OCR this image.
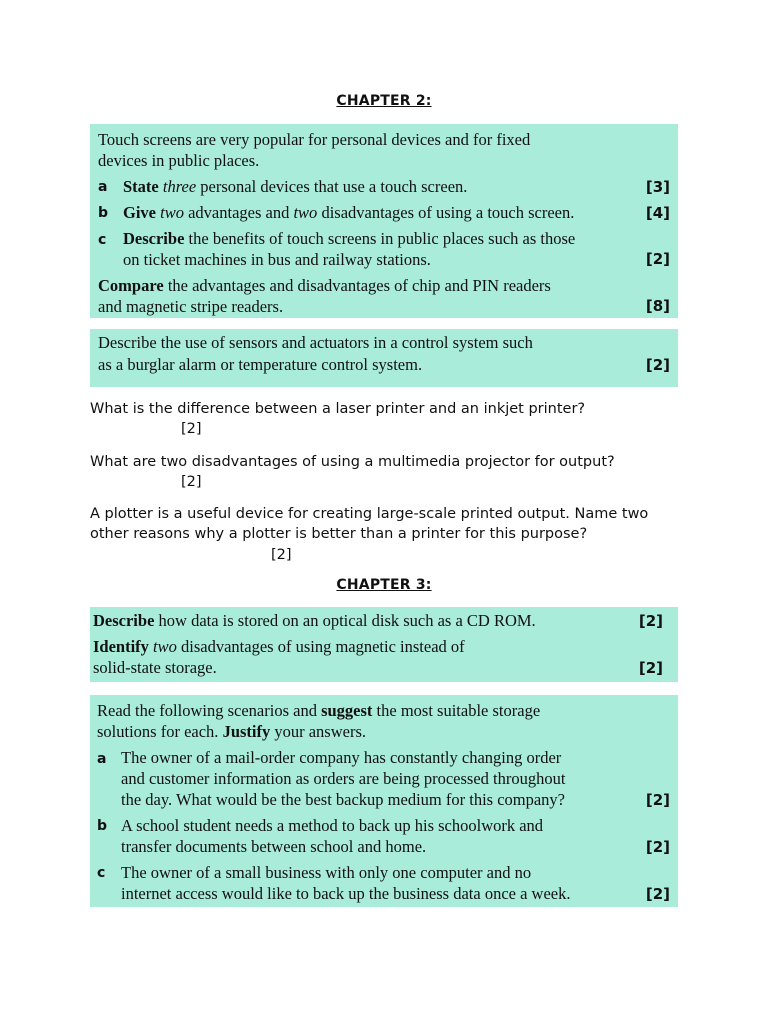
CHAPTER 2:
Touch screens are very popular for personal devices and for fixed
devices in public places.
a State three personal devices that use a touch screen.	[3]
b Give two advantages and two disadvantages of using a touch screen.	[4]
c Describe the benefits of touch screens in public places such as those
on ticket machines in bus and railway stations.	[2]
Compare the advantages and disadvantages of chip and PIN readers
and magnetic stripe readers.	[8]
Describe the use of sensors and actuators in a control system such
as a burglar alarm or temperature control system.	[2]
What is the difference between a laser printer and an inkjet printer?
[2]
What are two disadvantages of using a multimedia projector for output?
[2]
A plotter is a useful device for creating large-scale printed output. Name two
other reasons why a plotter is better than a printer for this purpose?
[2]
CHAPTER 3:
Describe how data is stored on an optical disk such as a CD ROM.	[2]
Identify two disadvantages of using magnetic instead of
solid-state storage.	[2]
Read the following scenarios and suggest the most suitable storage
solutions for each. Justify your answers.
a The owner of a mail-order company has constantly changing order
and customer information as orders are being processed throughout
the day. What would be the best backup medium for this company?	[2]
b A school student needs a method to back up his schoolwork and
transfer documents between school and home.	[2]
c The owner of a small business with only one computer and no
internet access would like to back up the business data once a week.	[2]
